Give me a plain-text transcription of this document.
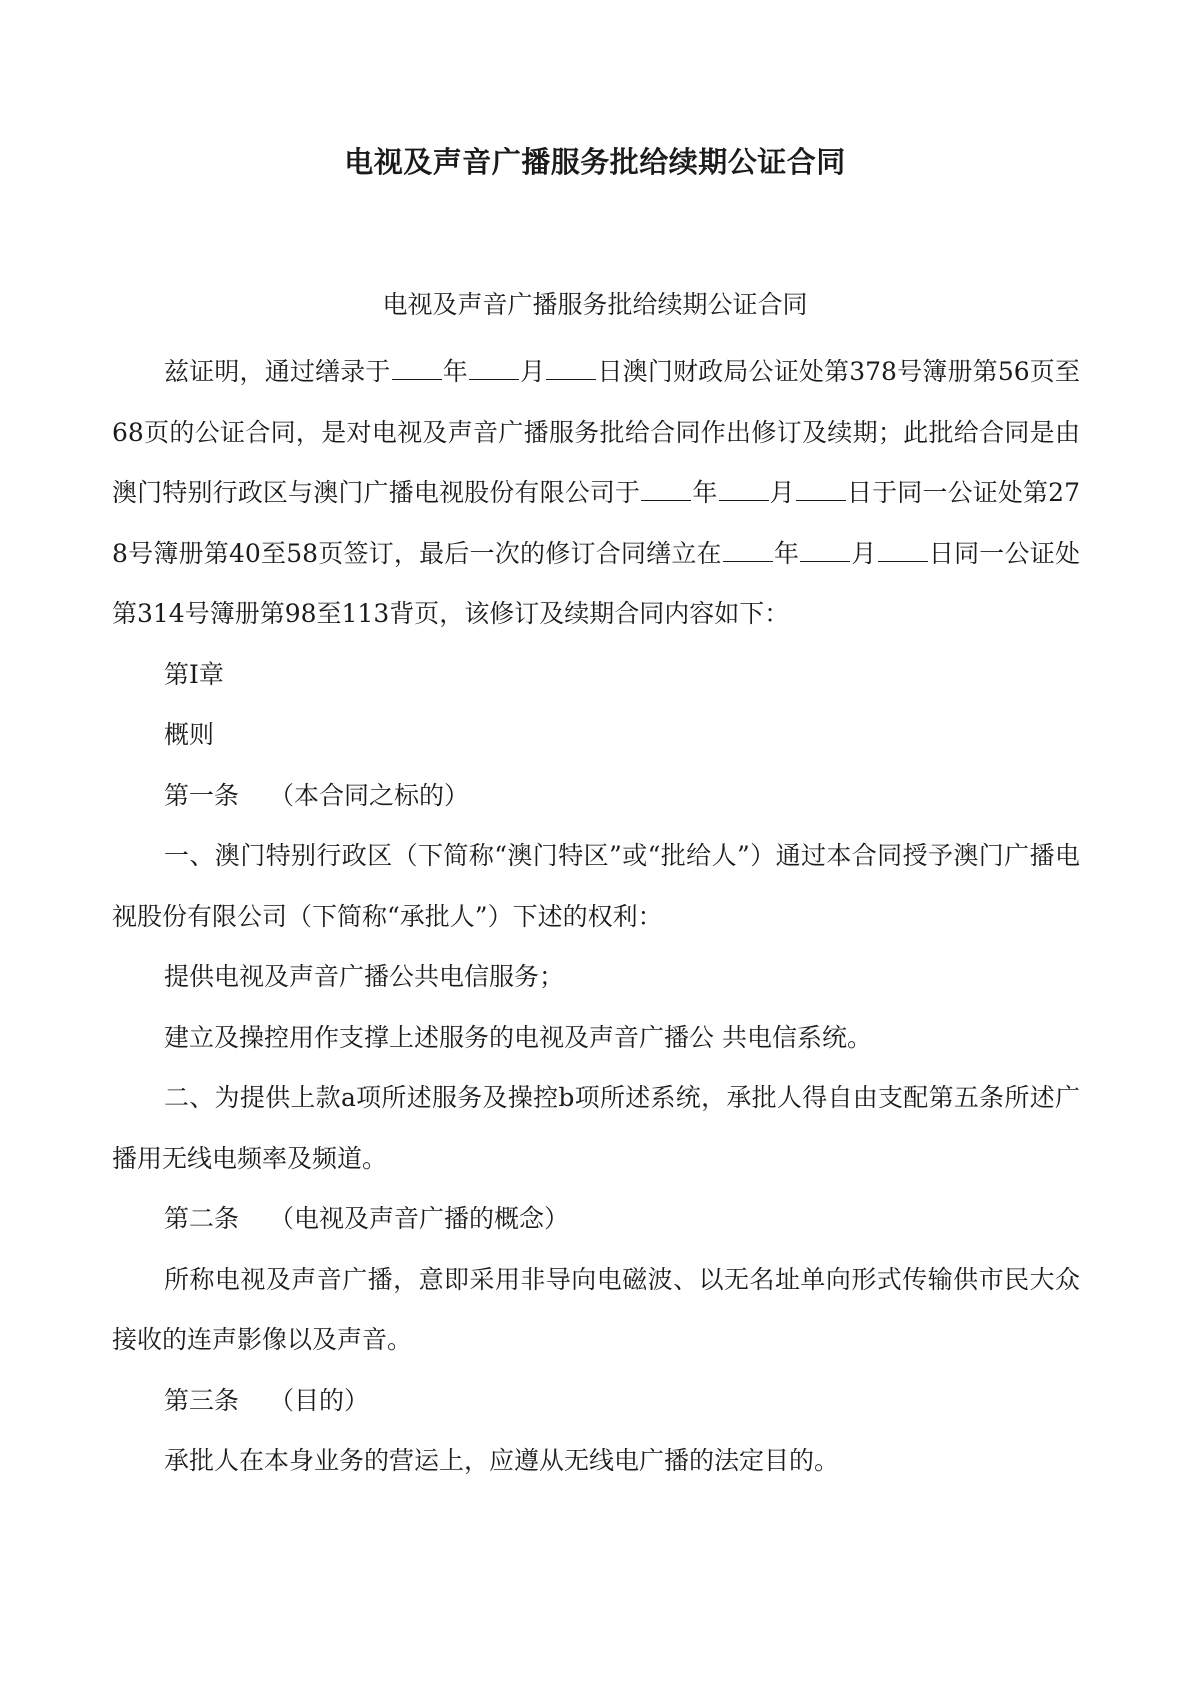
电视及声音广播服务批给续期公证合同
电视及声音广播服务批给续期公证合同

兹证明，通过缮录于 年 月 日澳门财政局公证处第378号簿册第56页至68页的公证合同，是对电视及声音广播服务批给合同作出修订及续期；此批给合同是由澳门特别行政区与澳门广播电视股份有限公司于 年 月 日于同一公证处第278号簿册第40至58页签订，最后一次的修订合同缮立在 年 月 日同一公证处第314号簿册第98至113背页，该修订及续期合同内容如下：

第I章

概则

第一条 （本合同之标的）

一、澳门特别行政区（下简称“澳门特区”或“批给人”）通过本合同授予澳门广播电视股份有限公司（下简称“承批人”）下述的权利：

提供电视及声音广播公共电信服务；

建立及操控用作支撑上述服务的电视及声音广播公 共电信系统。

二、为提供上款a项所述服务及操控b项所述系统，承批人得自由支配第五条所述广播用无线电频率及频道。

第二条 （电视及声音广播的概念）

所称电视及声音广播，意即采用非导向电磁波、以无名址单向形式传输供市民大众接收的连声影像以及声音。

第三条 （目的）

承批人在本身业务的营运上，应遵从无线电广播的法定目的。
